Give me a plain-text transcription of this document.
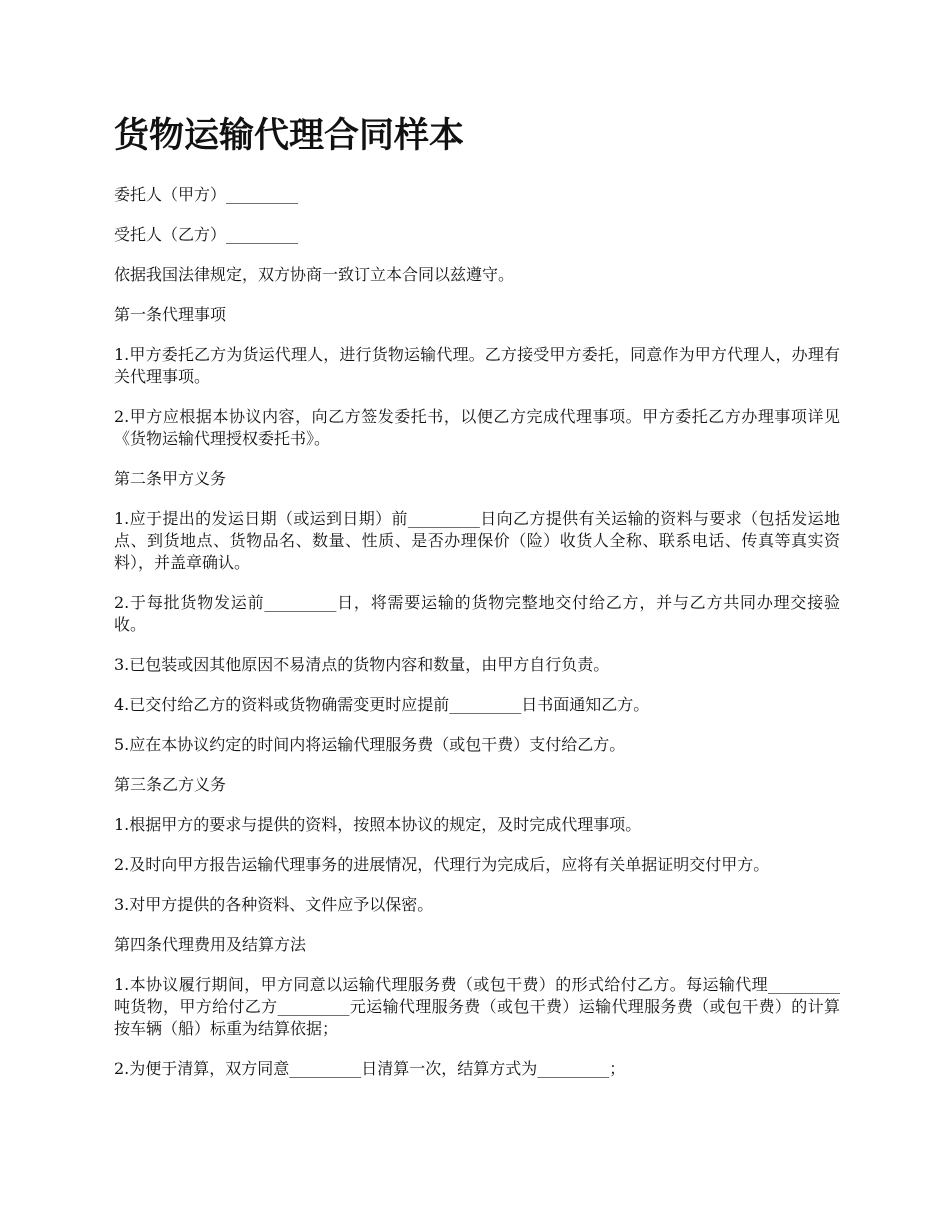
货物运输代理合同样本

委托人（甲方）_________

受托人（乙方）_________

依据我国法律规定，双方协商一致订立本合同以兹遵守。

第一条代理事项

1.甲方委托乙方为货运代理人，进行货物运输代理。乙方接受甲方委托，同意作为甲方代理人，办理有关代理事项。

2.甲方应根据本协议内容，向乙方签发委托书，以便乙方完成代理事项。甲方委托乙方办理事项详见《货物运输代理授权委托书》。

第二条甲方义务

1.应于提出的发运日期（或运到日期）前_________日向乙方提供有关运输的资料与要求（包括发运地点、到货地点、货物品名、数量、性质、是否办理保价（险）收货人全称、联系电话、传真等真实资料），并盖章确认。

2.于每批货物发运前_________日，将需要运输的货物完整地交付给乙方，并与乙方共同办理交接验收。

3.已包装或因其他原因不易清点的货物内容和数量，由甲方自行负责。

4.已交付给乙方的资料或货物确需变更时应提前_________日书面通知乙方。

5.应在本协议约定的时间内将运输代理服务费（或包干费）支付给乙方。

第三条乙方义务

1.根据甲方的要求与提供的资料，按照本协议的规定，及时完成代理事项。

2.及时向甲方报告运输代理事务的进展情况，代理行为完成后，应将有关单据证明交付甲方。

3.对甲方提供的各种资料、文件应予以保密。

第四条代理费用及结算方法

1.本协议履行期间，甲方同意以运输代理服务费（或包干费）的形式给付乙方。每运输代理_________吨货物，甲方给付乙方_________元运输代理服务费（或包干费）运输代理服务费（或包干费）的计算按车辆（船）标重为结算依据；

2.为便于清算，双方同意_________日清算一次，结算方式为_________；
